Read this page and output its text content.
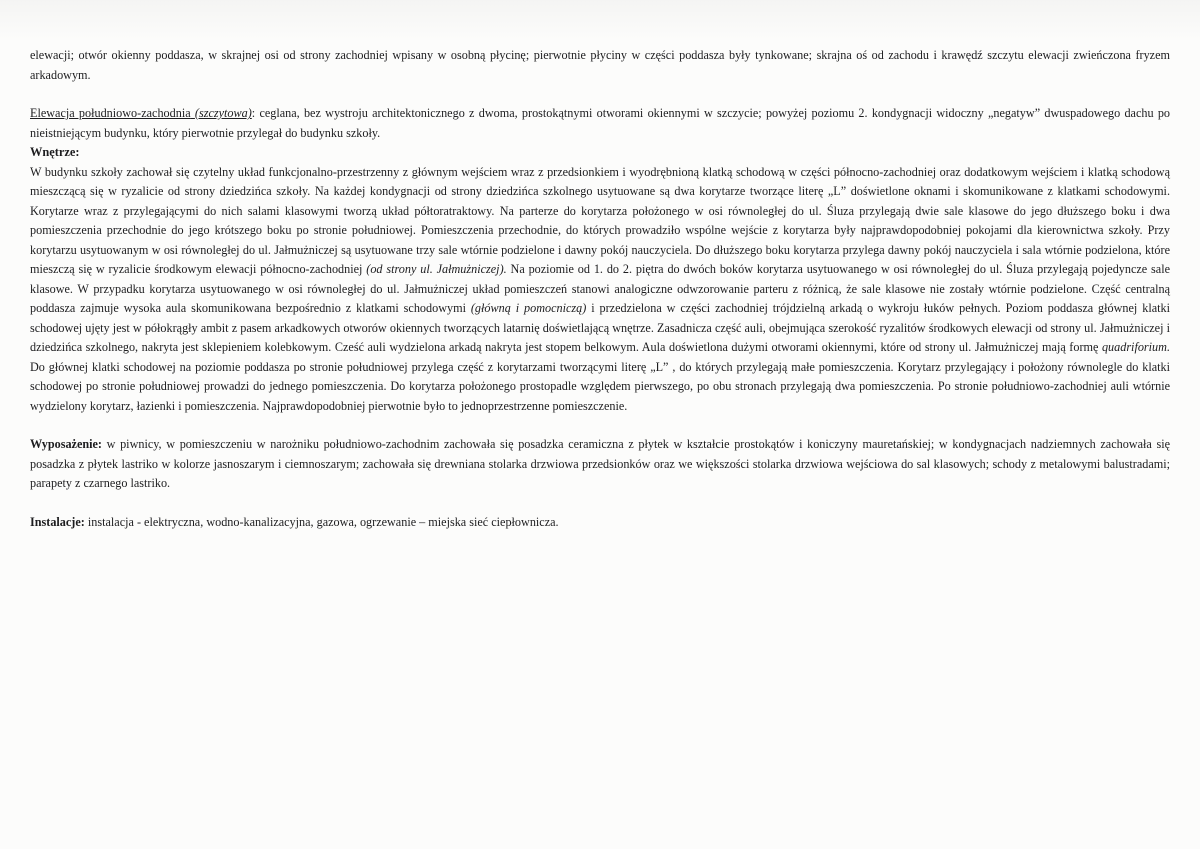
elewacji; otwór okienny poddasza, w skrajnej osi od strony zachodniej wpisany w osobną płycinę; pierwotnie płyciny w części poddasza były tynkowane; skrajna oś od zachodu i krawędź szczytu elewacji zwieńczona fryzem arkadowym.

Elewacja południowo-zachodnia (szczytowa): ceglana, bez wystroju architektonicznego z dwoma, prostokątnymi otworami okiennymi w szczycie; powyżej poziomu 2. kondygnacji widoczny „negatyw” dwuspadowego dachu po nieistniejącym budynku, który pierwotnie przylegał do budynku szkoły.

Wnętrze:

W budynku szkoły zachował się czytelny układ funkcjonalno-przestrzenny z głównym wejściem wraz z przedsionkiem i wyodrębnioną klatką schodową w części północno-zachodniej oraz dodatkowym wejściem i klatką schodową mieszczącą się w ryzalicie od strony dziedzińca szkoły. Na każdej kondygnacji od strony dziedzińca szkolnego usytuowane są dwa korytarze tworzące literę „L” doświetlone oknami i skomunikowane z klatkami schodowymi. Korytarze wraz z przylegającymi do nich salami klasowymi tworzą układ półtoratraktowy. Na parterze do korytarza położonego w osi równoległej do ul. Śluza przylegają dwie sale klasowe do jego dłuższego boku i dwa pomieszczenia przechodnie do jego krótszego boku po stronie południowej. Pomieszczenia przechodnie, do których prowadziło wspólne wejście z korytarza były najprawdopodobniej pokojami dla kierownictwa szkoły. Przy korytarzu usytuowanym w osi równoległej do ul. Jałmużniczej są usytuowane trzy sale wtórnie podzielone i dawny pokój nauczyciela. Do dłuższego boku korytarza przylega dawny pokój nauczyciela i sala wtórnie podzielona, które mieszczą się w ryzalicie środkowym elewacji północno-zachodniej (od strony ul. Jałmużniczej). Na poziomie od 1. do 2. piętra do dwóch boków korytarza usytuowanego w osi równoległej do ul. Śluza przylegają pojedyncze sale klasowe. W przypadku korytarza usytuowanego w osi równoległej do ul. Jałmużniczej układ pomieszczeń stanowi analogiczne odwzorowanie parteru z różnicą, że sale klasowe nie zostały wtórnie podzielone. Część centralną poddasza zajmuje wysoka aula skomunikowana bezpośrednio z klatkami schodowymi (główną i pomocniczą) i przedzielona w części zachodniej trójdzielną arkadą o wykroju łuków pełnych. Poziom poddasza głównej klatki schodowej ujęty jest w półokrągły ambit z pasem arkadkowych otworów okiennych tworzących latarnię doświetlającą wnętrze. Zasadnicza część auli, obejmująca szerokość ryzalitów środkowych elewacji od strony ul. Jałmużniczej i dziedzińca szkolnego, nakryta jest sklepieniem kolebkowym. Cześć auli wydzielona arkadą nakryta jest stopem belkowym. Aula doświetlona dużymi otworami okiennymi, które od strony ul. Jałmużniczej mają formę quadriforium. Do głównej klatki schodowej na poziomie poddasza po stronie południowej przylega część z korytarzami tworzącymi literę „L” , do których przylegają małe pomieszczenia. Korytarz przylegający i położony równolegle do klatki schodowej po stronie południowej prowadzi do jednego pomieszczenia. Do korytarza położonego prostopadle względem pierwszego, po obu stronach przylegają dwa pomieszczenia. Po stronie południowo-zachodniej auli wtórnie wydzielony korytarz, łazienki i pomieszczenia. Najprawdopodobniej pierwotnie było to jednoprzestrzenne pomieszczenie.

Wyposażenie: w piwnicy, w pomieszczeniu w narożniku południowo-zachodnim zachowała się posadzka ceramiczna z płytek w kształcie prostokątów i koniczyny mauretańskiej; w kondygnacjach nadziemnych zachowała się posadzka z płytek lastriko w kolorze jasnoszarym i ciemnoszarym; zachowała się drewniana stolarka drzwiowa przedsionków oraz we większości stolarka drzwiowa wejściowa do sal klasowych; schody z metalowymi balustradami; parapety z czarnego lastriko.

Instalacje: instalacja - elektryczna, wodno-kanalizacyjna, gazowa, ogrzewanie – miejska sieć ciepłownicza.
